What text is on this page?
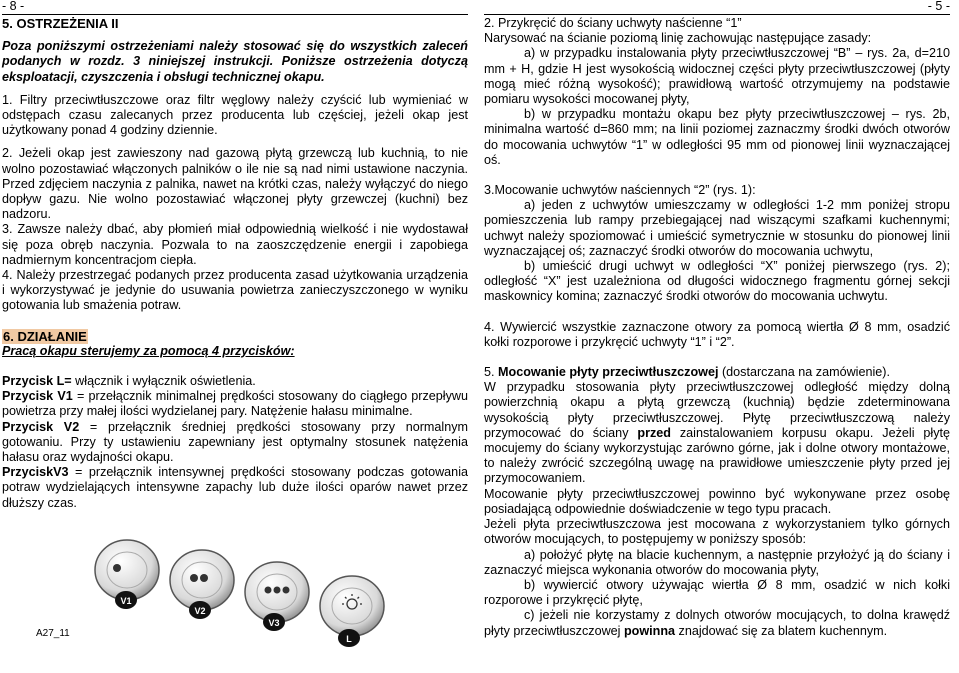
- 8 -

5. OSTRZEŻENIA II

Poza poniższymi ostrzeżeniami należy stosować się do wszystkich zaleceń podanych w rozdz. 3 niniejszej instrukcji. Poniższe ostrzeżenia dotyczą eksploatacji, czyszczenia i obsługi technicznej okapu.

1. Filtry przeciwtłuszczowe oraz filtr węglowy należy czyścić lub wymieniać w odstępach czasu zalecanych przez producenta lub częściej, jeżeli okap jest użytkowany ponad 4 godziny dziennie.

2. Jeżeli okap jest zawieszony nad gazową płytą grzewczą lub kuchnią, to nie wolno pozostawiać włączonych palników o ile nie są nad nimi ustawione naczynia. Przed zdjęciem naczynia z palnika, nawet na krótki czas, należy wyłączyć do niego dopływ gazu. Nie wolno pozostawiać włączonej płyty grzewczej (kuchni) bez nadzoru.

3. Zawsze należy dbać, aby płomień miał odpowiednią wielkość i nie wydostawał się poza obręb naczynia. Pozwala to na zaoszczędzenie energii i zapobiega nadmiernym koncentracjom ciepła.

4. Należy przestrzegać podanych przez producenta zasad użytkowania urządzenia i wykorzystywać je jedynie do usuwania powietrza zanieczyszczonego w wyniku gotowania lub smażenia potraw.

6. DZIAŁANIE

Pracą okapu sterujemy za pomocą 4 przycisków:

Przycisk L= włącznik i wyłącznik oświetlenia.

Przycisk V1 = przełącznik minimalnej prędkości stosowany do ciągłego przepływu powietrza przy małej ilości wydzielanej pary. Natężenie hałasu minimalne.

Przycisk V2 = przełącznik średniej prędkości stosowany przy normalnym gotowaniu. Przy ty ustawieniu zapewniany jest optymalny stosunek natężenia hałasu oraz wydajności okapu.

PrzyciskV3 = przełącznik intensywnej prędkości stosowany podczas gotowania potraw wydzielających intensywne zapachy lub duże ilości oparów nawet przez dłuższy czas.

V1
V2
V3
L
A27_11
- 5 -

2. Przykręcić do ściany uchwyty naścienne “1”

Narysować na ścianie poziomą linię zachowując następujące zasady:

a) w przypadku instalowania płyty przeciwtłuszczowej “B” – rys. 2a, d=210 mm + H, gdzie H jest wysokością widocznej części płyty przeciwtłuszczowej (płyty mogą mieć różną wysokość); prawidłową wartość otrzymujemy na podstawie pomiaru wysokości mocowanej płyty,

b) w przypadku montażu okapu bez płyty przeciwtłuszczowej – rys. 2b, minimalna wartość d=860 mm; na linii poziomej zaznaczmy środki dwóch otworów do mocowania uchwytów “1” w odległości 95 mm od pionowej linii wyznaczającej oś.

3.Mocowanie uchwytów naściennych “2” (rys. 1):

a) jeden z uchwytów umieszczamy w odległości 1-2 mm poniżej stropu pomieszczenia lub rampy przebiegającej nad wiszącymi szafkami kuchennymi; uchwyt należy spoziomować i umieścić symetrycznie w stosunku do pionowej linii wyznaczającej oś; zaznaczyć środki otworów do mocowania uchwytu,

b) umieścić drugi uchwyt w odległości “X” poniżej pierwszego (rys. 2); odległość “X” jest uzależniona od długości widocznego fragmentu górnej sekcji maskownicy komina; zaznaczyć środki otworów do mocowania uchwytu.

4. Wywiercić wszystkie zaznaczone otwory za pomocą wiertła Ø 8 mm, osadzić kołki rozporowe i przykręcić uchwyty “1” i “2”.

5. Mocowanie płyty przeciwtłuszczowej (dostarczana na zamówienie).

W przypadku stosowania płyty przeciwtłuszczowej odległość między dolną powierzchnią okapu a płytą grzewczą (kuchnią) będzie zdeterminowana wysokością płyty przeciwtłuszczowej. Płytę przeciwtłuszczową należy przymocować do ściany przed zainstalowaniem korpusu okapu. Jeżeli płytę mocujemy do ściany wykorzystując zarówno górne, jak i dolne otwory montażowe, to należy zwrócić szczególną uwagę na prawidłowe umieszczenie płyty przed jej przymocowaniem.

Mocowanie płyty przeciwtłuszczowej powinno być wykonywane przez osobę posiadającą odpowiednie doświadczenie w tego typu pracach.

Jeżeli płyta przeciwtłuszczowa jest mocowana z wykorzystaniem tylko górnych otworów mocujących, to postępujemy w poniższy sposób:

a) położyć płytę na blacie kuchennym, a następnie przyłożyć ją do ściany i zaznaczyć miejsca wykonania otworów do mocowania płyty,

b) wywiercić otwory używając wiertła Ø 8 mm, osadzić w nich kołki rozporowe i przykręcić płytę,

c) jeżeli nie korzystamy z dolnych otworów mocujących, to dolna krawędź płyty przeciwtłuszczowej powinna znajdować się za blatem kuchennym.
